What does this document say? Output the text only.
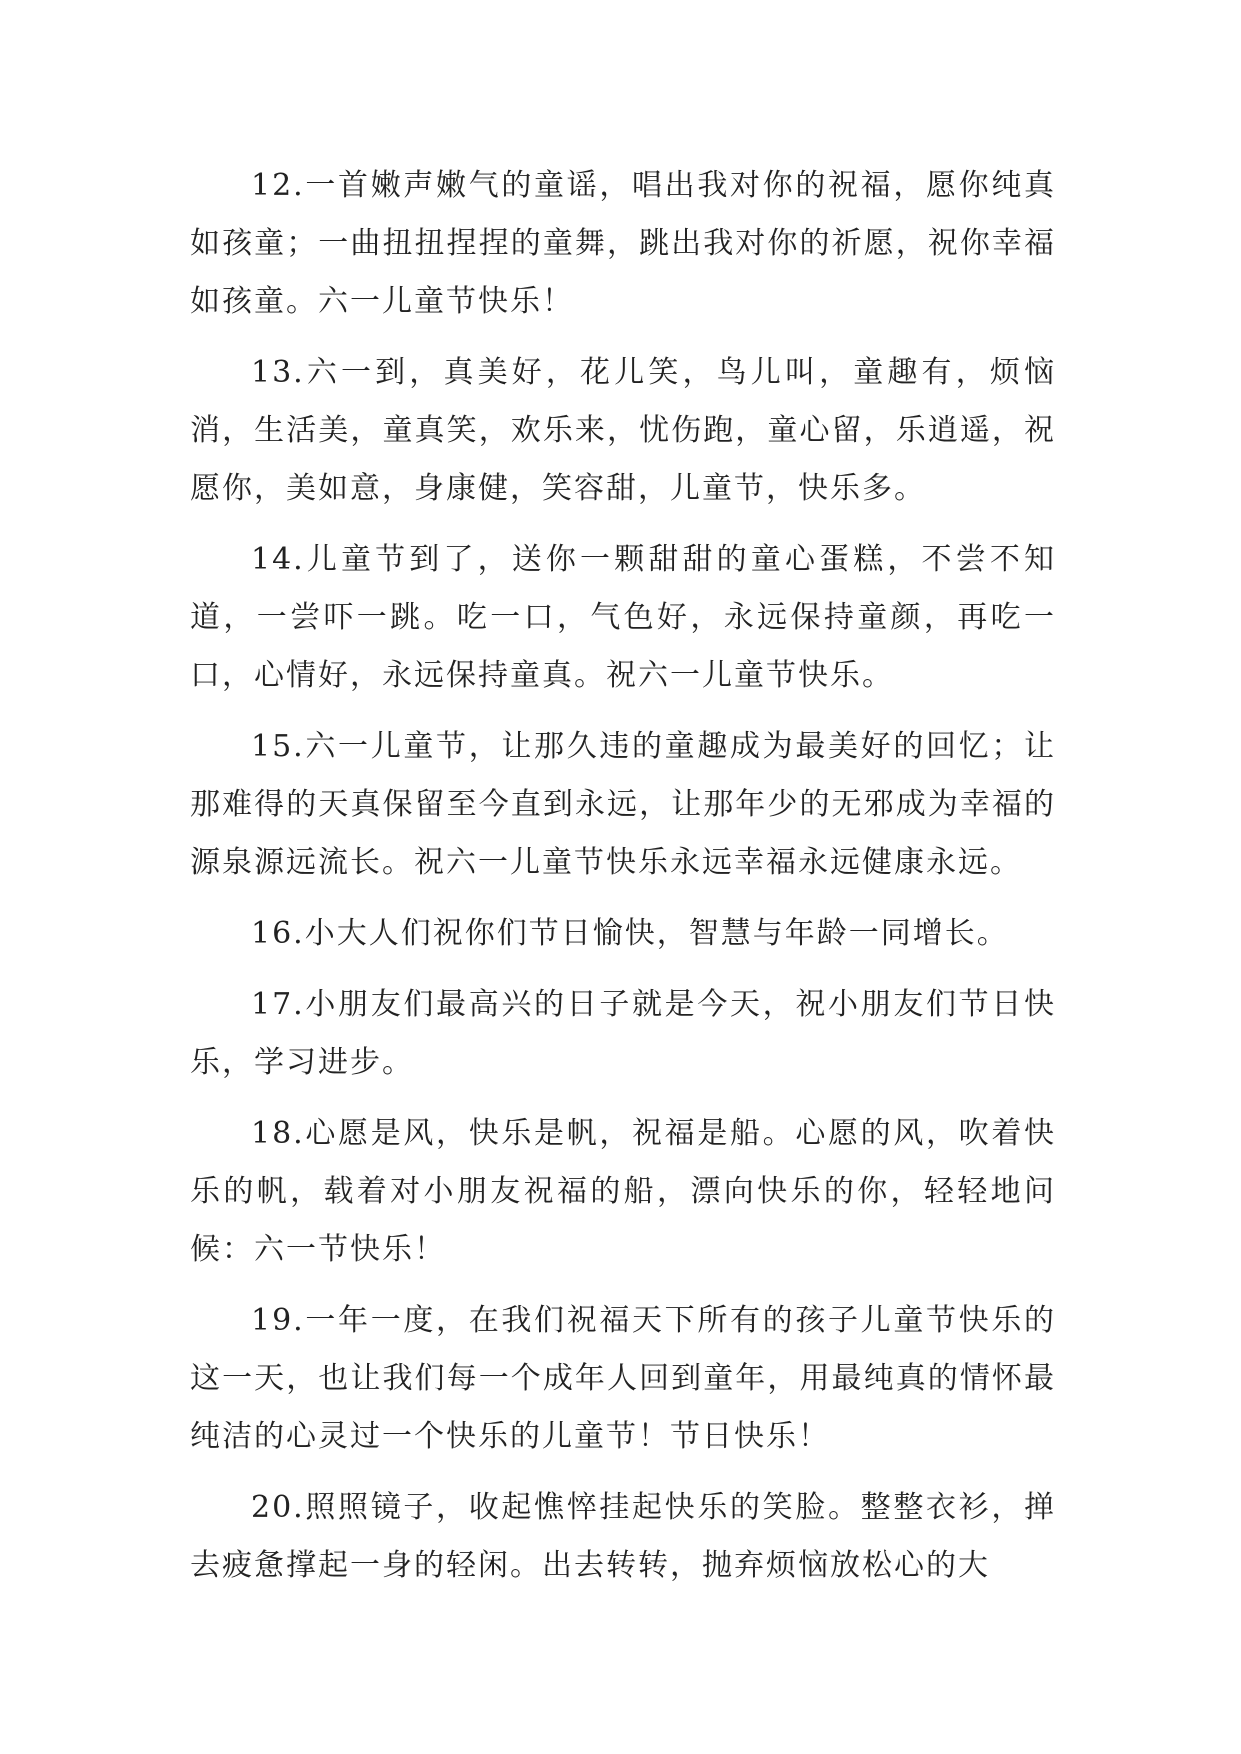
12.一首嫩声嫩气的童谣，唱出我对你的祝福，愿你纯真如孩童；一曲扭扭捏捏的童舞，跳出我对你的祈愿，祝你幸福如孩童。六一儿童节快乐！

13.六一到，真美好，花儿笑，鸟儿叫，童趣有，烦恼消，生活美，童真笑，欢乐来，忧伤跑，童心留，乐逍遥，祝愿你，美如意，身康健，笑容甜，儿童节，快乐多。

14.儿童节到了，送你一颗甜甜的童心蛋糕，不尝不知道，一尝吓一跳。吃一口，气色好，永远保持童颜，再吃一口，心情好，永远保持童真。祝六一儿童节快乐。

15.六一儿童节，让那久违的童趣成为最美好的回忆；让那难得的天真保留至今直到永远，让那年少的无邪成为幸福的源泉源远流长。祝六一儿童节快乐永远幸福永远健康永远。

16.小大人们祝你们节日愉快，智慧与年龄一同增长。

17.小朋友们最高兴的日子就是今天，祝小朋友们节日快乐，学习进步。

18.心愿是风，快乐是帆，祝福是船。心愿的风，吹着快乐的帆，载着对小朋友祝福的船，漂向快乐的你，轻轻地问候：六一节快乐！

19.一年一度，在我们祝福天下所有的孩子儿童节快乐的这一天，也让我们每一个成年人回到童年，用最纯真的情怀最纯洁的心灵过一个快乐的儿童节！节日快乐！

20.照照镜子，收起憔悴挂起快乐的笑脸。整整衣衫，掸去疲惫撑起一身的轻闲。出去转转，抛弃烦恼放松心的大
